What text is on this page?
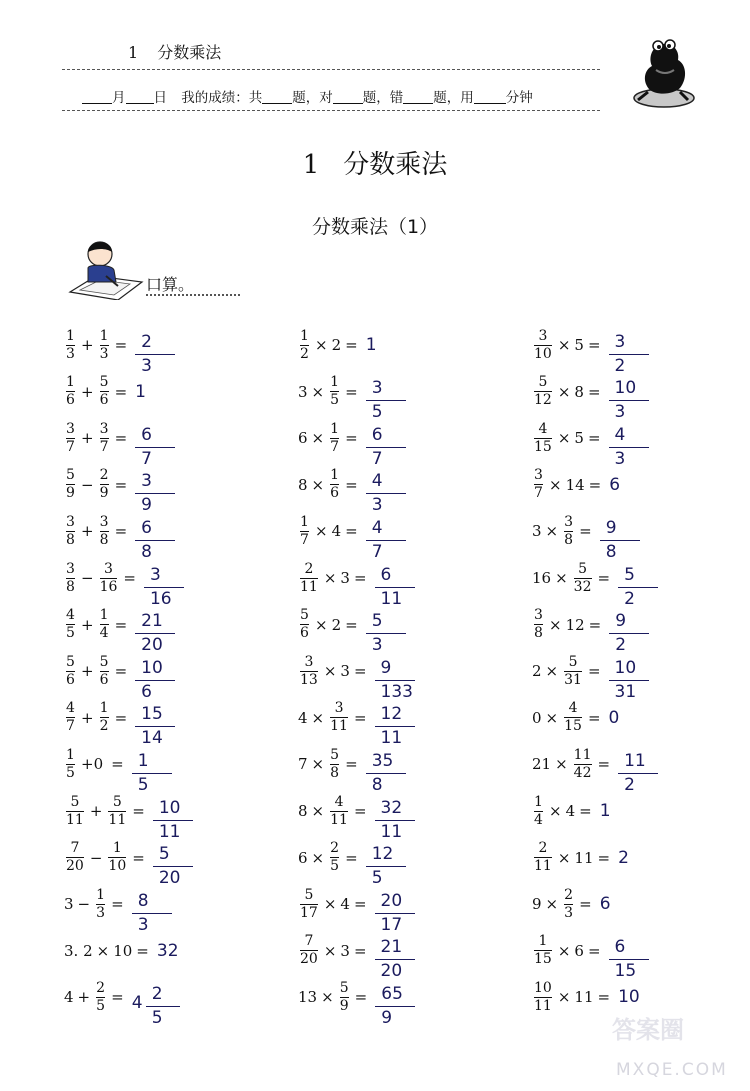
1 分数乘法
月 日 我的成绩：共 题，对 题，错 题，用 分钟
1 分数乘法
分数乘法（1）
口算。
$\frac{1}{3} + \frac{1}{3} = \frac{2}{3}$
$\frac{1}{6} + \frac{5}{6} = 1$
$\frac{3}{7} + \frac{3}{7} = \frac{6}{7}$
$\frac{5}{9} - \frac{2}{9} = \frac{3}{9}$
$\frac{3}{8} + \frac{3}{8} = \frac{6}{8}$
$\frac{3}{8} - \frac{3}{16} = \frac{3}{16}$
$\frac{4}{5} + \frac{1}{4} = \frac{21}{20}$
$\frac{5}{6} + \frac{5}{6} = \frac{10}{6}$
$\frac{4}{7} + \frac{1}{2} = \frac{15}{14}$
$\frac{1}{5} +0 = \frac{1}{5}$
$\frac{5}{11} + \frac{5}{11} = \frac{10}{11}$
$\frac{7}{20} - \frac{1}{10} = \frac{5}{20}$
$3 - \frac{1}{3} = \frac{8}{3}$
3. 2 × 10 = 32
$4 + \frac{2}{5} = 4$ 2
5
$\frac{1}{2} \times 2 = 1$
$3 \times \frac{1}{5} = \frac{3}{5}$
$6 \times \frac{1}{7} = \frac{6}{7}$
$8 \times \frac{1}{6} = \frac{4}{3}$
$\frac{1}{7} \times 4 = \frac{4}{7}$
$\frac{2}{11} \times 3 = \frac{6}{11}$
$\frac{5}{6} \times 2 = \frac{5}{3}$
$\frac{3}{13} \times 3 = \frac{9}{133}$
$4 \times \frac{3}{11} = \frac{12}{11}$
$7 \times \frac{5}{8} = \frac{35}{8}$
$8 \times \frac{4}{11} = \frac{32}{11}$
$6 \times \frac{2}{5} = \frac{12}{5}$
$\frac{5}{17} \times 4 = \frac{20}{17}$
$\frac{7}{20} \times 3 = \frac{21}{20}$
$13 \times \frac{5}{9} = \frac{65}{9}$
$\frac{3}{10} \times 5 = \frac{3}{2}$
$\frac{5}{12} \times 8 = \frac{10}{3}$
$\frac{4}{15} \times 5 = \frac{4}{3}$
$\frac{3}{7} \times 14 = 6$
$3 \times \frac{3}{8} = \frac{9}{8}$
$16 \times \frac{5}{32} = \frac{5}{2}$
$\frac{3}{8} \times 12 = \frac{9}{2}$
$2 \times \frac{5}{31} = \frac{10}{31}$
$0 \times \frac{4}{15} = 0$
$21 \times \frac{11}{42} = \frac{11}{2}$
$\frac{1}{4} \times 4 = 1$
$\frac{2}{11} \times 11 = 2$
$9 \times \frac{2}{3} = 6$
$\frac{1}{15} \times 6 = \frac{6}{15}$
$\frac{10}{11} \times 11 = 10$
答案圈
MXQE.COM
